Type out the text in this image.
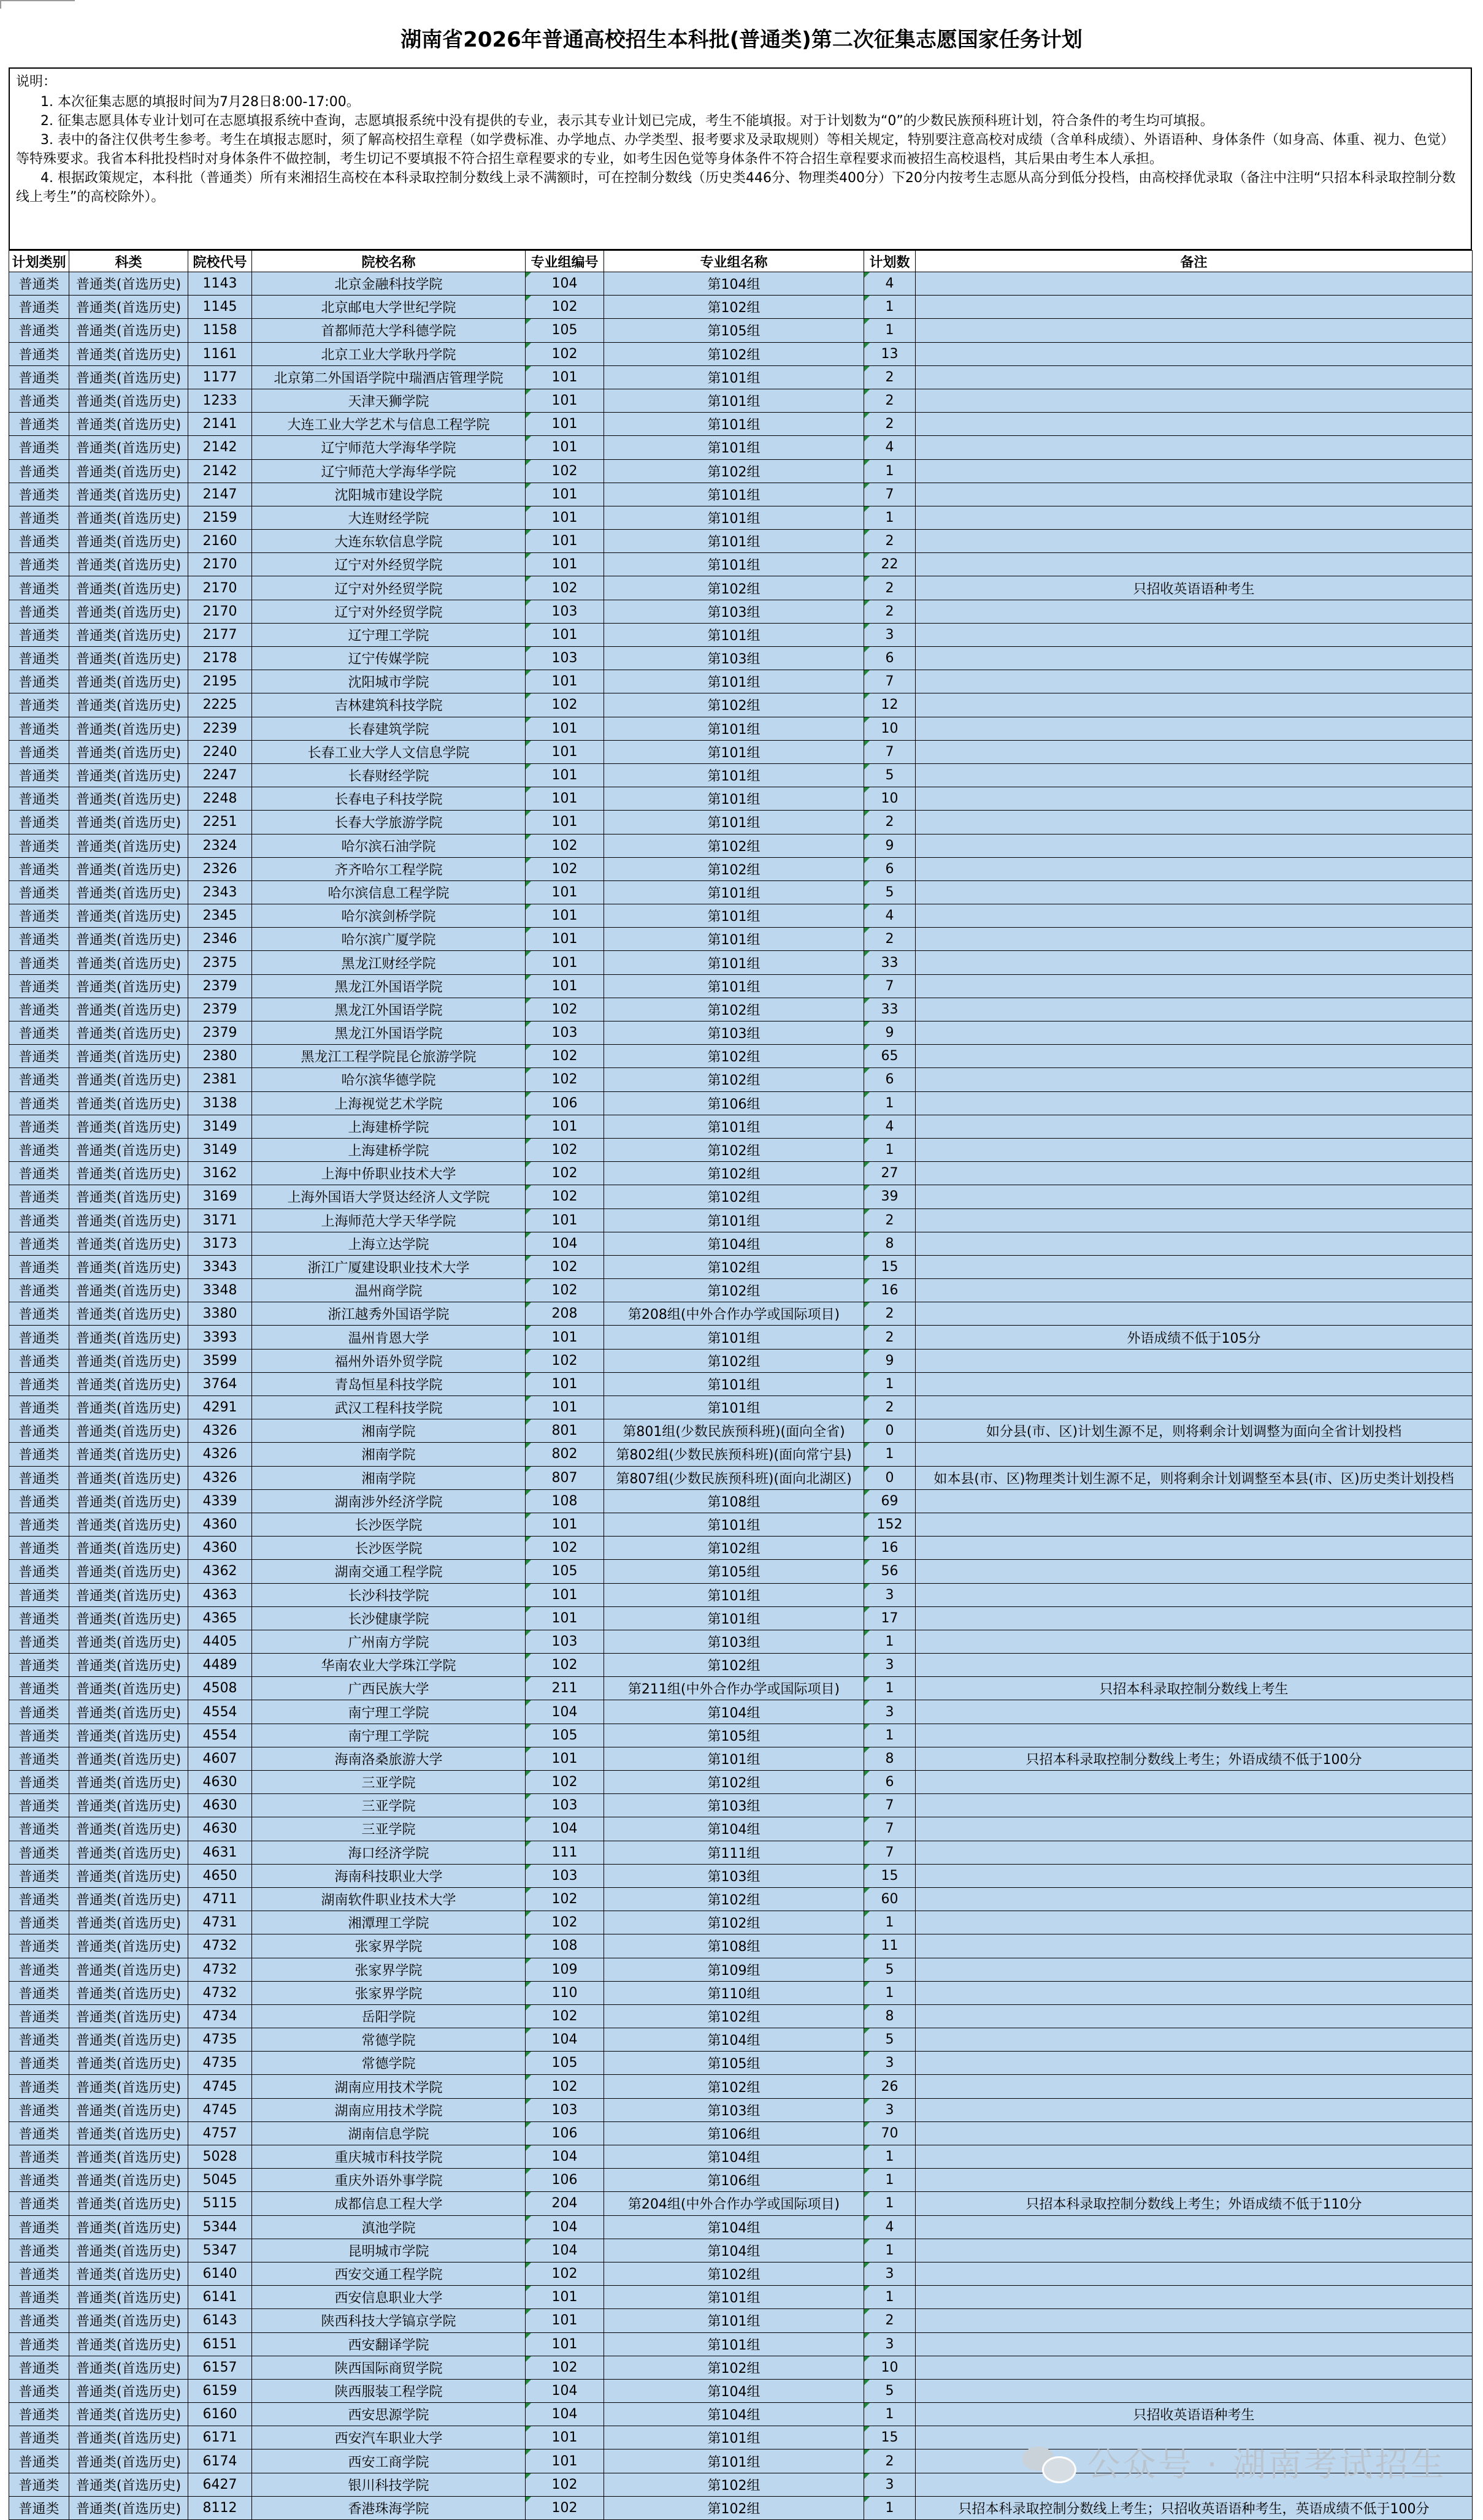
湖南省2026年普通高校招生本科批(普通类)第二次征集志愿国家任务计划
说明：

1. 本次征集志愿的填报时间为7月28日8:00-17:00。

2. 征集志愿具体专业计划可在志愿填报系统中查询，志愿填报系统中没有提供的专业，表示其专业计划已完成，考生不能填报。对于计划数为“0”的少数民族预科班计划，符合条件的考生均可填报。

3. 表中的备注仅供考生参考。考生在填报志愿时，须了解高校招生章程（如学费标准、办学地点、办学类型、报考要求及录取规则）等相关规定，特别要注意高校对成绩（含单科成绩）、外语语种、身体条件（如身高、体重、视力、色觉）等特殊要求。我省本科批投档时对身体条件不做控制，考生切记不要填报不符合招生章程要求的专业，如考生因色觉等身体条件不符合招生章程要求而被招生高校退档，其后果由考生本人承担。

4. 根据政策规定，本科批（普通类）所有来湘招生高校在本科录取控制分数线上录不满额时，可在控制分数线（历史类446分、物理类400分）下20分内按考生志愿从高分到低分投档，由高校择优录取（备注中注明“只招本科录取控制分数线上考生”的高校除外）。

计划类别	科类	院校代号	院校名称	专业组编号	专业组名称	计划数	备注
普通类	普通类(首选历史)	1143	北京金融科技学院	104	第104组	4	
普通类	普通类(首选历史)	1145	北京邮电大学世纪学院	102	第102组	1	
普通类	普通类(首选历史)	1158	首都师范大学科德学院	105	第105组	1	
普通类	普通类(首选历史)	1161	北京工业大学耿丹学院	102	第102组	13	
普通类	普通类(首选历史)	1177	北京第二外国语学院中瑞酒店管理学院	101	第101组	2	
普通类	普通类(首选历史)	1233	天津天狮学院	101	第101组	2	
普通类	普通类(首选历史)	2141	大连工业大学艺术与信息工程学院	101	第101组	2	
普通类	普通类(首选历史)	2142	辽宁师范大学海华学院	101	第101组	4	
普通类	普通类(首选历史)	2142	辽宁师范大学海华学院	102	第102组	1	
普通类	普通类(首选历史)	2147	沈阳城市建设学院	101	第101组	7	
普通类	普通类(首选历史)	2159	大连财经学院	101	第101组	1	
普通类	普通类(首选历史)	2160	大连东软信息学院	101	第101组	2	
普通类	普通类(首选历史)	2170	辽宁对外经贸学院	101	第101组	22	
普通类	普通类(首选历史)	2170	辽宁对外经贸学院	102	第102组	2	只招收英语语种考生
普通类	普通类(首选历史)	2170	辽宁对外经贸学院	103	第103组	2	
普通类	普通类(首选历史)	2177	辽宁理工学院	101	第101组	3	
普通类	普通类(首选历史)	2178	辽宁传媒学院	103	第103组	6	
普通类	普通类(首选历史)	2195	沈阳城市学院	101	第101组	7	
普通类	普通类(首选历史)	2225	吉林建筑科技学院	102	第102组	12	
普通类	普通类(首选历史)	2239	长春建筑学院	101	第101组	10	
普通类	普通类(首选历史)	2240	长春工业大学人文信息学院	101	第101组	7	
普通类	普通类(首选历史)	2247	长春财经学院	101	第101组	5	
普通类	普通类(首选历史)	2248	长春电子科技学院	101	第101组	10	
普通类	普通类(首选历史)	2251	长春大学旅游学院	101	第101组	2	
普通类	普通类(首选历史)	2324	哈尔滨石油学院	102	第102组	9	
普通类	普通类(首选历史)	2326	齐齐哈尔工程学院	102	第102组	6	
普通类	普通类(首选历史)	2343	哈尔滨信息工程学院	101	第101组	5	
普通类	普通类(首选历史)	2345	哈尔滨剑桥学院	101	第101组	4	
普通类	普通类(首选历史)	2346	哈尔滨广厦学院	101	第101组	2	
普通类	普通类(首选历史)	2375	黑龙江财经学院	101	第101组	33	
普通类	普通类(首选历史)	2379	黑龙江外国语学院	101	第101组	7	
普通类	普通类(首选历史)	2379	黑龙江外国语学院	102	第102组	33	
普通类	普通类(首选历史)	2379	黑龙江外国语学院	103	第103组	9	
普通类	普通类(首选历史)	2380	黑龙江工程学院昆仑旅游学院	102	第102组	65	
普通类	普通类(首选历史)	2381	哈尔滨华德学院	102	第102组	6	
普通类	普通类(首选历史)	3138	上海视觉艺术学院	106	第106组	1	
普通类	普通类(首选历史)	3149	上海建桥学院	101	第101组	4	
普通类	普通类(首选历史)	3149	上海建桥学院	102	第102组	1	
普通类	普通类(首选历史)	3162	上海中侨职业技术大学	102	第102组	27	
普通类	普通类(首选历史)	3169	上海外国语大学贤达经济人文学院	102	第102组	39	
普通类	普通类(首选历史)	3171	上海师范大学天华学院	101	第101组	2	
普通类	普通类(首选历史)	3173	上海立达学院	104	第104组	8	
普通类	普通类(首选历史)	3343	浙江广厦建设职业技术大学	102	第102组	15	
普通类	普通类(首选历史)	3348	温州商学院	102	第102组	16	
普通类	普通类(首选历史)	3380	浙江越秀外国语学院	208	第208组(中外合作办学或国际项目)	2	
普通类	普通类(首选历史)	3393	温州肯恩大学	101	第101组	2	外语成绩不低于105分
普通类	普通类(首选历史)	3599	福州外语外贸学院	102	第102组	9	
普通类	普通类(首选历史)	3764	青岛恒星科技学院	101	第101组	1	
普通类	普通类(首选历史)	4291	武汉工程科技学院	101	第101组	2	
普通类	普通类(首选历史)	4326	湘南学院	801	第801组(少数民族预科班)(面向全省)	0	如分县(市、区)计划生源不足，则将剩余计划调整为面向全省计划投档
普通类	普通类(首选历史)	4326	湘南学院	802	第802组(少数民族预科班)(面向常宁县)	1	
普通类	普通类(首选历史)	4326	湘南学院	807	第807组(少数民族预科班)(面向北湖区)	0	如本县(市、区)物理类计划生源不足，则将剩余计划调整至本县(市、区)历史类计划投档
普通类	普通类(首选历史)	4339	湖南涉外经济学院	108	第108组	69	
普通类	普通类(首选历史)	4360	长沙医学院	101	第101组	152	
普通类	普通类(首选历史)	4360	长沙医学院	102	第102组	16	
普通类	普通类(首选历史)	4362	湖南交通工程学院	105	第105组	56	
普通类	普通类(首选历史)	4363	长沙科技学院	101	第101组	3	
普通类	普通类(首选历史)	4365	长沙健康学院	101	第101组	17	
普通类	普通类(首选历史)	4405	广州南方学院	103	第103组	1	
普通类	普通类(首选历史)	4489	华南农业大学珠江学院	102	第102组	3	
普通类	普通类(首选历史)	4508	广西民族大学	211	第211组(中外合作办学或国际项目)	1	只招本科录取控制分数线上考生
普通类	普通类(首选历史)	4554	南宁理工学院	104	第104组	3	
普通类	普通类(首选历史)	4554	南宁理工学院	105	第105组	1	
普通类	普通类(首选历史)	4607	海南洛桑旅游大学	101	第101组	8	只招本科录取控制分数线上考生；外语成绩不低于100分
普通类	普通类(首选历史)	4630	三亚学院	102	第102组	6	
普通类	普通类(首选历史)	4630	三亚学院	103	第103组	7	
普通类	普通类(首选历史)	4630	三亚学院	104	第104组	7	
普通类	普通类(首选历史)	4631	海口经济学院	111	第111组	7	
普通类	普通类(首选历史)	4650	海南科技职业大学	103	第103组	15	
普通类	普通类(首选历史)	4711	湖南软件职业技术大学	102	第102组	60	
普通类	普通类(首选历史)	4731	湘潭理工学院	102	第102组	1	
普通类	普通类(首选历史)	4732	张家界学院	108	第108组	11	
普通类	普通类(首选历史)	4732	张家界学院	109	第109组	5	
普通类	普通类(首选历史)	4732	张家界学院	110	第110组	1	
普通类	普通类(首选历史)	4734	岳阳学院	102	第102组	8	
普通类	普通类(首选历史)	4735	常德学院	104	第104组	5	
普通类	普通类(首选历史)	4735	常德学院	105	第105组	3	
普通类	普通类(首选历史)	4745	湖南应用技术学院	102	第102组	26	
普通类	普通类(首选历史)	4745	湖南应用技术学院	103	第103组	3	
普通类	普通类(首选历史)	4757	湖南信息学院	106	第106组	70	
普通类	普通类(首选历史)	5028	重庆城市科技学院	104	第104组	1	
普通类	普通类(首选历史)	5045	重庆外语外事学院	106	第106组	1	
普通类	普通类(首选历史)	5115	成都信息工程大学	204	第204组(中外合作办学或国际项目)	1	只招本科录取控制分数线上考生；外语成绩不低于110分
普通类	普通类(首选历史)	5344	滇池学院	104	第104组	4	
普通类	普通类(首选历史)	5347	昆明城市学院	104	第104组	1	
普通类	普通类(首选历史)	6140	西安交通工程学院	102	第102组	3	
普通类	普通类(首选历史)	6141	西安信息职业大学	101	第101组	1	
普通类	普通类(首选历史)	6143	陕西科技大学镐京学院	101	第101组	2	
普通类	普通类(首选历史)	6151	西安翻译学院	101	第101组	3	
普通类	普通类(首选历史)	6157	陕西国际商贸学院	102	第102组	10	
普通类	普通类(首选历史)	6159	陕西服装工程学院	104	第104组	5	
普通类	普通类(首选历史)	6160	西安思源学院	104	第104组	1	只招收英语语种考生
普通类	普通类(首选历史)	6171	西安汽车职业大学	101	第101组	15	
普通类	普通类(首选历史)	6174	西安工商学院	101	第101组	2	
普通类	普通类(首选历史)	6427	银川科技学院	102	第102组	3	
普通类	普通类(首选历史)	8112	香港珠海学院	102	第102组	1	只招本科录取控制分数线上考生；只招收英语语种考生，英语成绩不低于100分
公众号 · 湖南考试招生
